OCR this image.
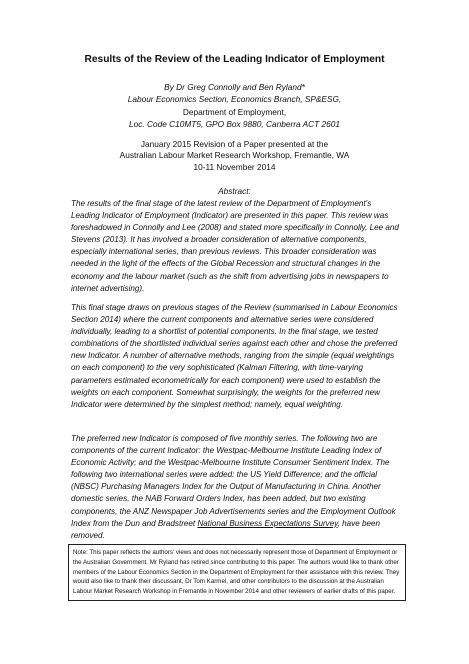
Results of the Review of the Leading Indicator of Employment
By Dr Greg Connolly and Ben Ryland*
Labour Economics Section, Economics Branch, SP&ESG,
Department of Employment,
Loc. Code C10MT5, GPO Box 9880, Canberra ACT 2601
January 2015 Revision of a Paper presented at the
Australian Labour Market Research Workshop, Fremantle, WA
10-11 November 2014
Abstract:
The results of the final stage of the latest review of the Department of Employment's Leading Indicator of Employment (Indicator) are presented in this paper. This review was foreshadowed in Connolly and Lee (2008) and stated more specifically in Connolly, Lee and Stevens (2013). It has involved a broader consideration of alternative components, especially international series, than previous reviews. This broader consideration was needed in the light of the effects of the Global Recession and structural changes in the economy and the labour market (such as the shift from advertising jobs in newspapers to internet advertising).
This final stage draws on previous stages of the Review (summarised in Labour Economics Section 2014) where the current components and alternative series were considered individually, leading to a shortlist of potential components. In the final stage, we tested combinations of the shortlisted individual series against each other and chose the preferred new Indicator. A number of alternative methods, ranging from the simple (equal weightings on each component) to the very sophisticated (Kalman Filtering, with time-varying parameters estimated econometrically for each component) were used to establish the weights on each component. Somewhat surprisingly, the weights for the preferred new Indicator were determined by the simplest method; namely, equal weighting.
The preferred new Indicator is composed of five monthly series. The following two are components of the current Indicator: the Westpac-Melbourne Institute Leading Index of Economic Activity; and the Westpac-Melbourne Institute Consumer Sentiment Index. The following two international series were added: the US Yield Difference; and the official (NBSC) Purchasing Managers Index for the Output of Manufacturing in China. Another domestic series, the NAB Forward Orders Index, has been added, but two existing components, the ANZ Newspaper Job Advertisements series and the Employment Outlook Index from the Dun and Bradstreet National Business Expectations Survey, have been removed.
Note: This paper reflects the authors' views and does not necessarily represent those of Department of Employment or the Australian Government. Mr Ryland has retired since contributing to this paper. The authors would like to thank other members of the Labour Economics Section in the Department of Employment for their assistance with this review. They would also like to thank their discussant, Dr Tom Karmel, and other contributors to the discussion at the Australian Labour Market Research Workshop in Fremantle in November 2014 and other reviewers of earlier drafts of this paper.
